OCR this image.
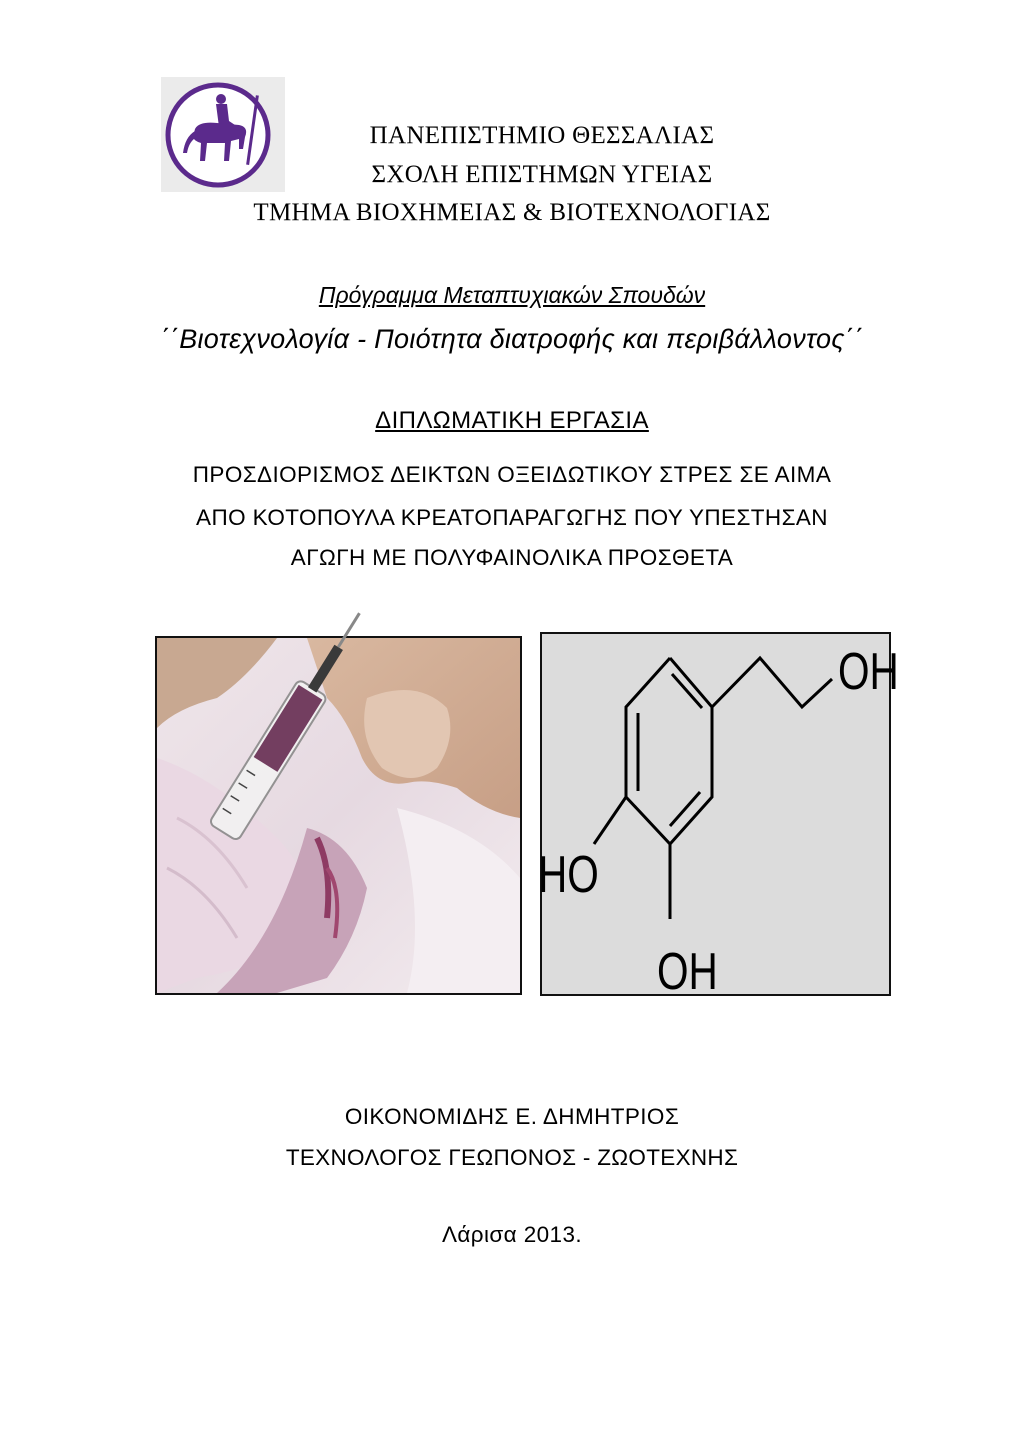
ΠΑΝΕΠΙΣΤΗΜΙΟ ΘΕΣΣΑΛΙΑΣ
ΣΧΟΛΗ ΕΠΙΣΤΗΜΩΝ ΥΓΕΙΑΣ
ΤΜΗΜΑ ΒΙΟΧΗΜΕΙΑΣ & ΒΙΟΤΕΧΝΟΛΟΓΙΑΣ
Πρόγραμμα Μεταπτυχιακών Σπουδών
΄΄Βιοτεχνολογία - Ποιότητα διατροφής και περιβάλλοντος΄΄
ΔΙΠΛΩΜΑΤΙΚΗ ΕΡΓΑΣΙΑ
ΠΡΟΣΔΙΟΡΙΣΜΟΣ ΔΕΙΚΤΩΝ ΟΞΕΙΔΩΤΙΚΟΥ ΣΤΡΕΣ ΣΕ ΑΙΜΑ
ΑΠΟ ΚΟΤΟΠΟΥΛΑ ΚΡΕΑΤΟΠΑΡΑΓΩΓΗΣ ΠΟΥ ΥΠΕΣΤΗΣΑΝ
ΑΓΩΓΗ ΜΕ ΠΟΛΥΦΑΙΝΟΛΙΚΑ ΠΡΟΣΘΕΤΑ
OH
HO
OH
ΟΙΚΟΝΟΜΙΔΗΣ Ε. ΔΗΜΗΤΡΙΟΣ
ΤΕΧΝΟΛΟΓΟΣ ΓΕΩΠΟΝΟΣ - ΖΩΟΤΕΧΝΗΣ
Λάρισα 2013.
